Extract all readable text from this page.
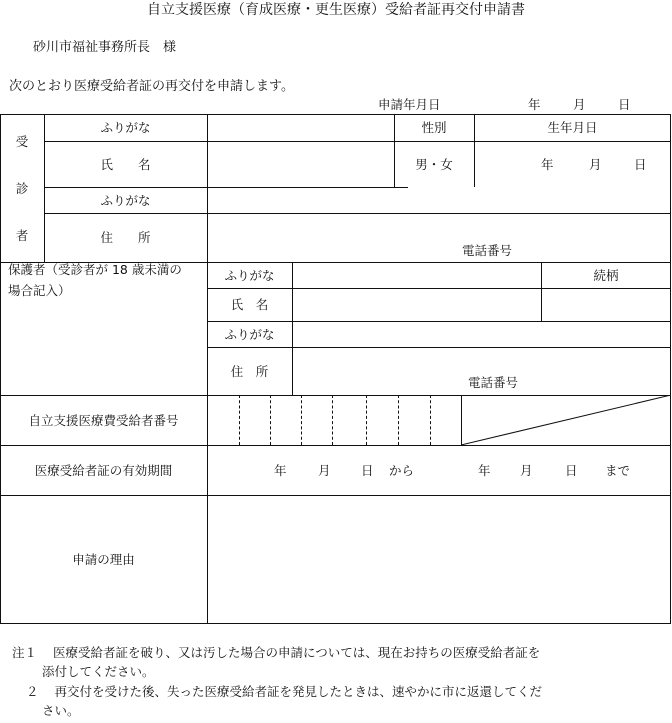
自立支援医療（育成医療・更生医療）受給者証再交付申請書
砂川市福祉事務所長　様
次のとおり医療受給者証の再交付を申請します。
申請年月日	年	月	日
受
診
者
ふりがな	性別	生年月日
氏　　名	男・女	年	月	日
ふりがな
住　　所
電話番号
保護者（受診者が 18 歳未満の
場合記入）
ふりがな	続柄
氏　名
ふりがな
住　所
電話番号
自立支援医療費受給者番号
医療受給者証の有効期間	年	月 日 から	年 月	日 まで
申請の理由
注１ 医療受給者証を破り、又は汚した場合の申請については、現在お持ちの医療受給者証を
添付してください。
２ 再交付を受けた後、失った医療受給者証を発見したときは、速やかに市に返還してくだ
さい。
